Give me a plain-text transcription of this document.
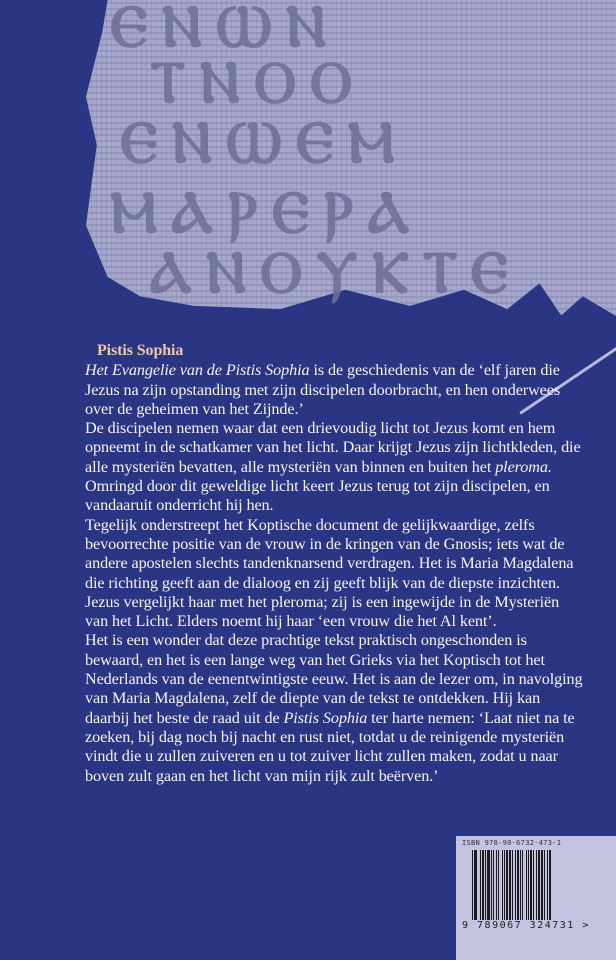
ⲈⲚⲰⲚ
ⲦⲚⲞⲞ
ⲈⲚⲰⲈⲘ
ⲘⲀⲢⲈⲢⲀ
ⲀⲚⲞⲨⲔⲦⲈ
Pistis Sophia

Het Evangelie van de Pistis Sophia is de geschiedenis van de ‘elf jaren die Jezus na zijn opstanding met zijn discipelen doorbracht, en hen onderwees over de geheimen van het Zijnde.’

De discipelen nemen waar dat een drievoudig licht tot Jezus komt en hem opneemt in de schatkamer van het licht. Daar krijgt Jezus zijn lichtkleden, die alle mysteriën bevatten, alle mysteriën van binnen en buiten het pleroma. Omringd door dit geweldige licht keert Jezus terug tot zijn discipelen, en vandaaruit onderricht hij hen.

Tegelijk onderstreept het Koptische document de gelijkwaardige, zelfs bevoorrechte positie van de vrouw in de kringen van de Gnosis; iets wat de andere apostelen slechts tandenknarsend verdragen. Het is Maria Magdalena die richting geeft aan de dialoog en zij geeft blijk van de diepste inzichten. Jezus vergelijkt haar met het pleroma; zij is een ingewijde in de Mysteriën van het Licht. Elders noemt hij haar ‘een vrouw die het Al kent’.

Het is een wonder dat deze prachtige tekst praktisch ongeschonden is bewaard, en het is een lange weg van het Grieks via het Koptisch tot het Nederlands van de eenentwintigste eeuw. Het is aan de lezer om, in navolging van Maria Magdalena, zelf de diepte van de tekst te ontdekken. Hij kan daarbij het beste de raad uit de Pistis Sophia ter harte nemen: ‘Laat niet na te zoeken, bij dag noch bij nacht en rust niet, totdat u de reinigende mysteriën vindt die u zullen zuiveren en u tot zuiver licht zullen maken, zodat u naar boven zult gaan en het licht van mijn rijk zult beërven.’

ISBN 978-90-6732-473-1
9 789067 324731 >
